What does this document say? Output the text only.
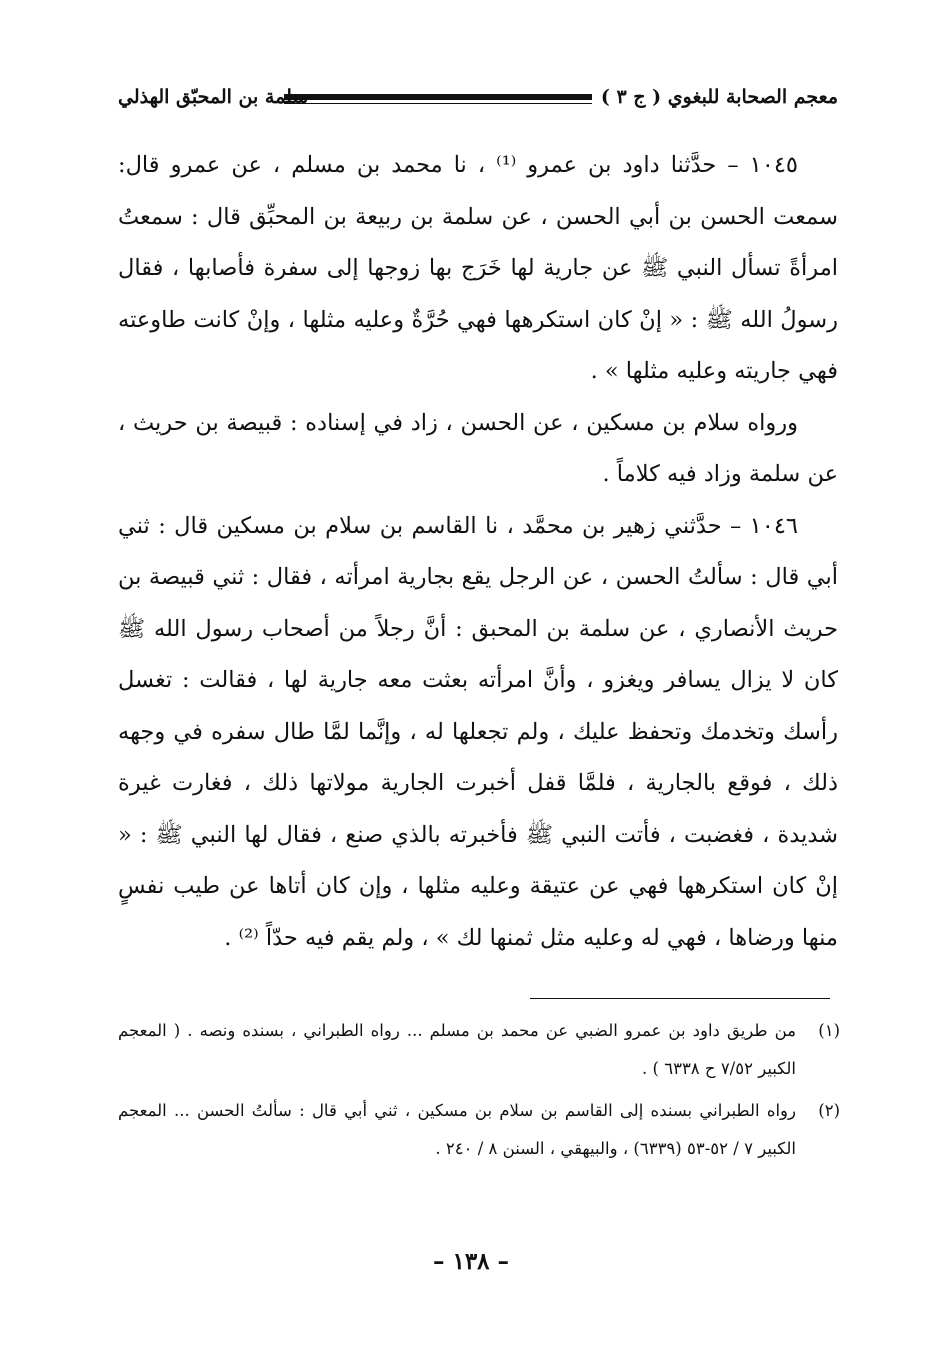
معجم الصحابة للبغوي ( ج ٣ )
سلمة بن المحبّق الهذلي

١٠٤٥ – حدَّثنا داود بن عمرو ⁽¹⁾ ، نا محمد بن مسلم ، عن عمرو قال: سمعت الحسن بن أبي الحسن ، عن سلمة بن ربيعة بن المحبِّق قال : سمعتُ امرأةً تسأل النبي ﷺ عن جارية لها خَرَج بها زوجها إلى سفرة فأصابها ، فقال رسولُ الله ﷺ : « إنْ كان استكرهها فهي حُرَّةٌ وعليه مثلها ، وإنْ كانت طاوعته فهي جاريته وعليه مثلها » .

ورواه سلام بن مسكين ، عن الحسن ، زاد في إسناده : قبيصة بن حريث ، عن سلمة وزاد فيه كلاماً .

١٠٤٦ – حدَّثني زهير بن محمَّد ، نا القاسم بن سلام بن مسكين قال : ثني أبي قال : سألتُ الحسن ، عن الرجل يقع بجارية امرأته ، فقال : ثني قبيصة بن حريث الأنصاري ، عن سلمة بن المحبق : أنَّ رجلاً من أصحاب رسول الله ﷺ كان لا يزال يسافر ويغزو ، وأنَّ امرأته بعثت معه جارية لها ، فقالت : تغسل رأسك وتخدمك وتحفظ عليك ، ولم تجعلها له ، وإنَّما لمَّا طال سفره في وجهه ذلك ، فوقع بالجارية ، فلمَّا قفل أخبرت الجارية مولاتها ذلك ، فغارت غيرة شديدة ، فغضبت ، فأتت النبي ﷺ فأخبرته بالذي صنع ، فقال لها النبي ﷺ : « إنْ كان استكرهها فهي عن عتيقة وعليه مثلها ، وإن كان أتاها عن طيب نفسٍ منها ورضاها ، فهي له وعليه مثل ثمنها لك » ، ولم يقم فيه حدّاً ⁽²⁾ .

(١)
من طريق داود بن عمرو الضبي عن محمد بن مسلم ... رواه الطبراني ، بسنده ونصه . ( المعجم الكبير ٧/٥٢ ح ٦٣٣٨ ) .

(٢)
رواه الطبراني بسنده إلى القاسم بن سلام بن مسكين ، ثني أبي قال : سألتُ الحسن ... المعجم الكبير ٧ / ٥٢-٥٣ (٦٣٣٩) ، والبيهقي ، السنن ٨ / ٢٤٠ .

– ١٣٨ –
